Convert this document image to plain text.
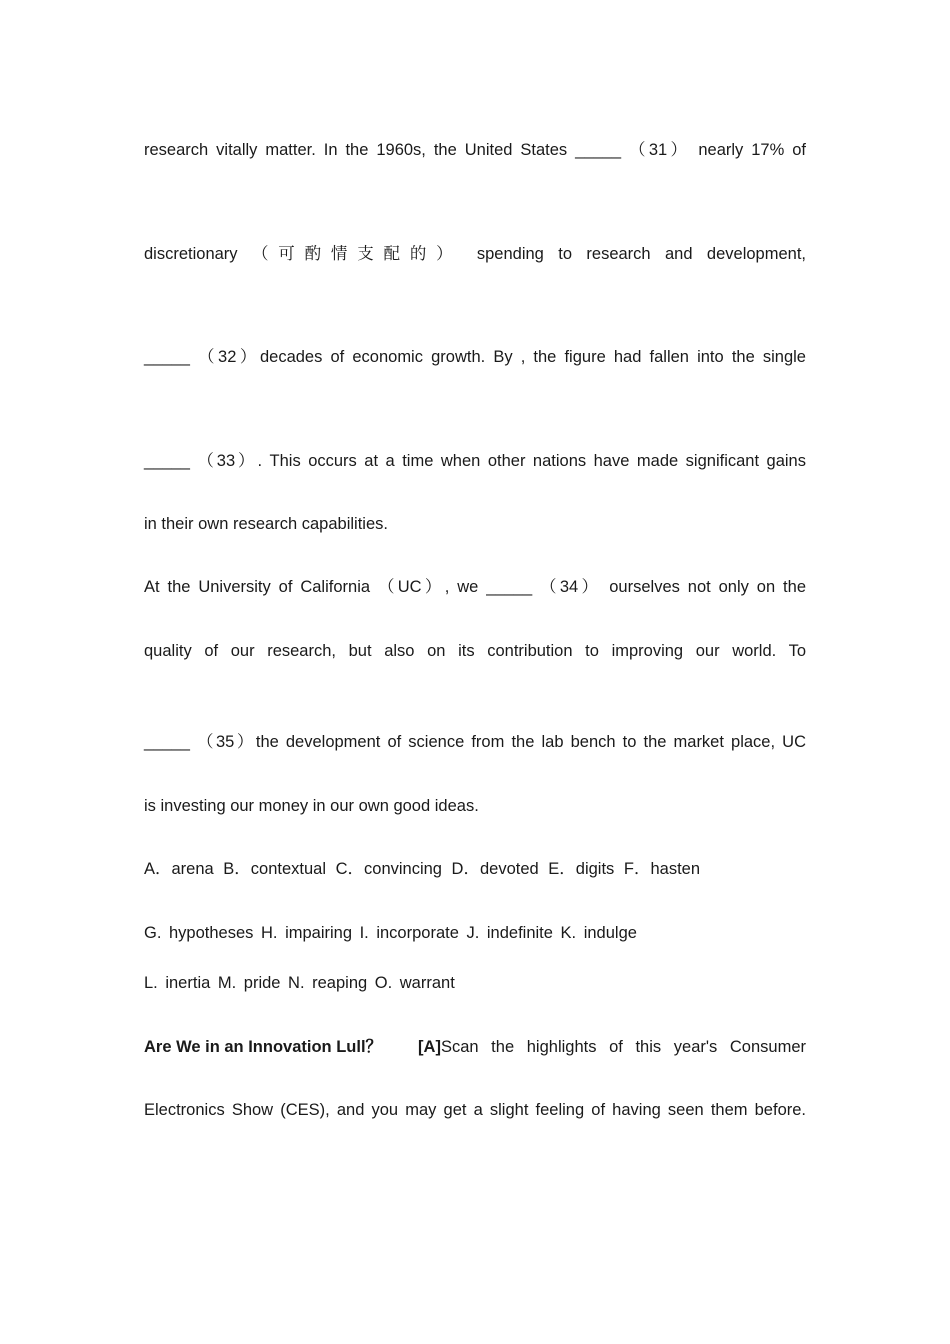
research vitally matter. In the 1960s, the United States _____ （31） nearly 17% of
discretionary （可酌情支配的） spending to research and development,
_____ （32）decades of economic growth. By , the figure had fallen into the single
_____ （33）. This occurs at a time when other nations have made significant gains
in their own research capabilities.
At the University of California （UC）, we _____ （34） ourselves not only on the
quality of our research, but also on its contribution to improving our world. To
_____ （35）the development of science from the lab bench to the market place, UC
is investing our money in our own good ideas.
A．arena B．contextual C．convincing D．devoted E．digits F．hasten
G. hypotheses H. impairing I. incorporate J. indefinite K. indulge
L. inertia M. pride N. reaping O. warrant
Are We in an Innovation Lull？ [A] Scan the highlights of this year's Consumer
Electronics Show (CES), and you may get a slight feeling of having seen them before.
